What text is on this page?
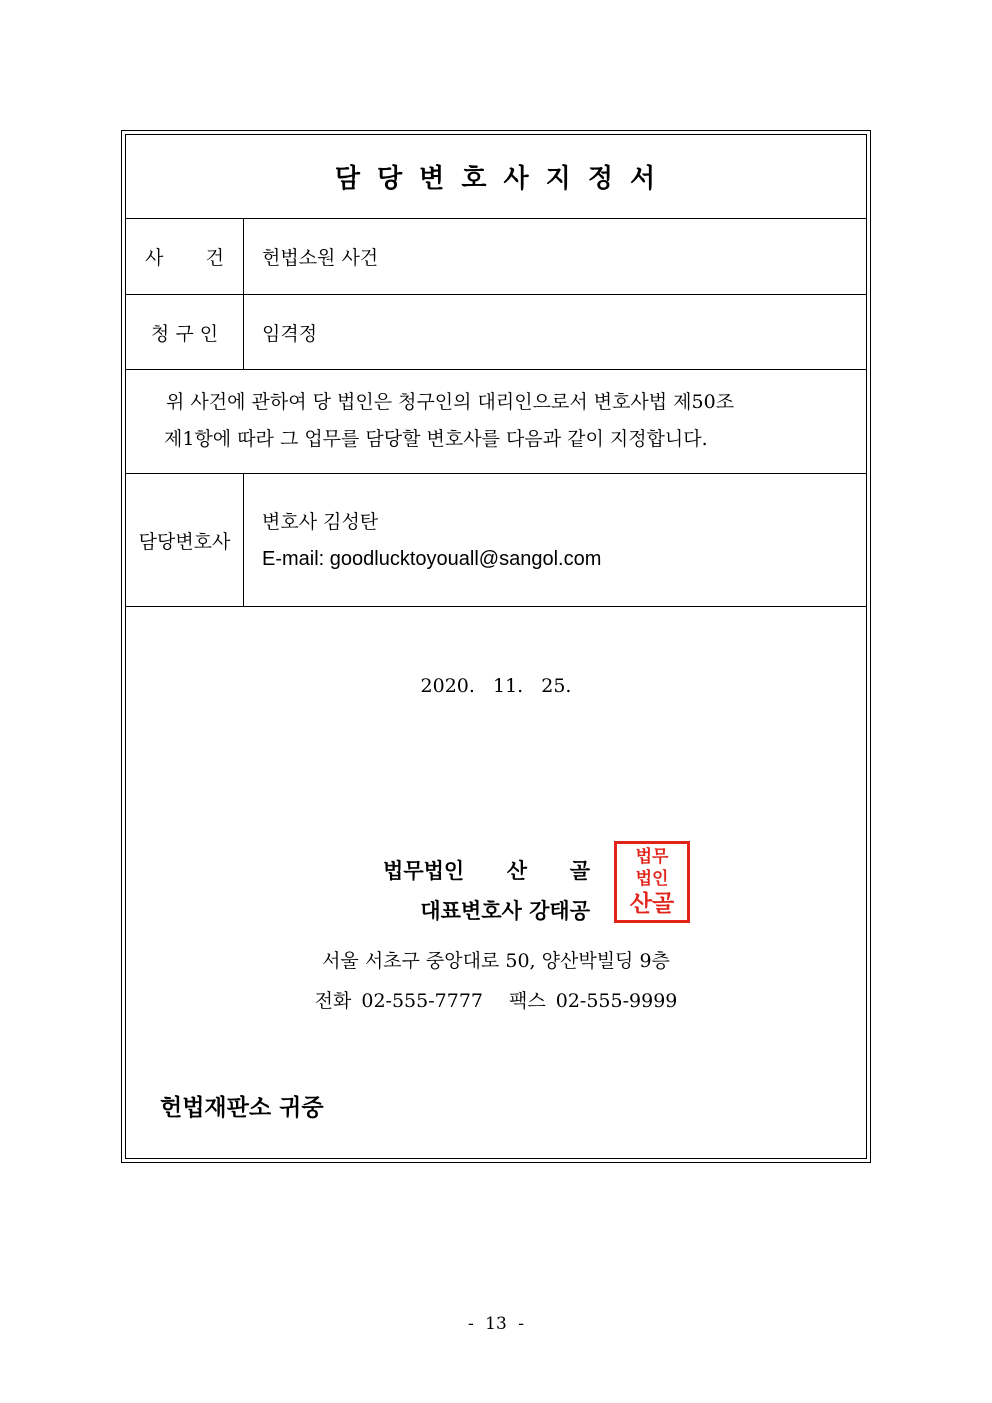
담 당 변 호 사 지 정 서
사       건	헌법소원 사건
청 구 인	임격정
위 사건에 관하여 당 법인은 청구인의 대리인으로서 변호사법 제50조
제1항에 따라 그 업무를 담당할 변호사를 다음과 같이 지정합니다.
담당변호사
변호사 김성탄
E-mail: goodlucktoyouall@sangol.com
2020. 11. 25.
법무법인  산  골
대표변호사 강태공
법무
법인
산골
서울 서초구 중앙대로 50, 양산박빌딩 9층
전화 02-555-7777 팩스 02-555-9999
헌법재판소 귀중
- 13 -
